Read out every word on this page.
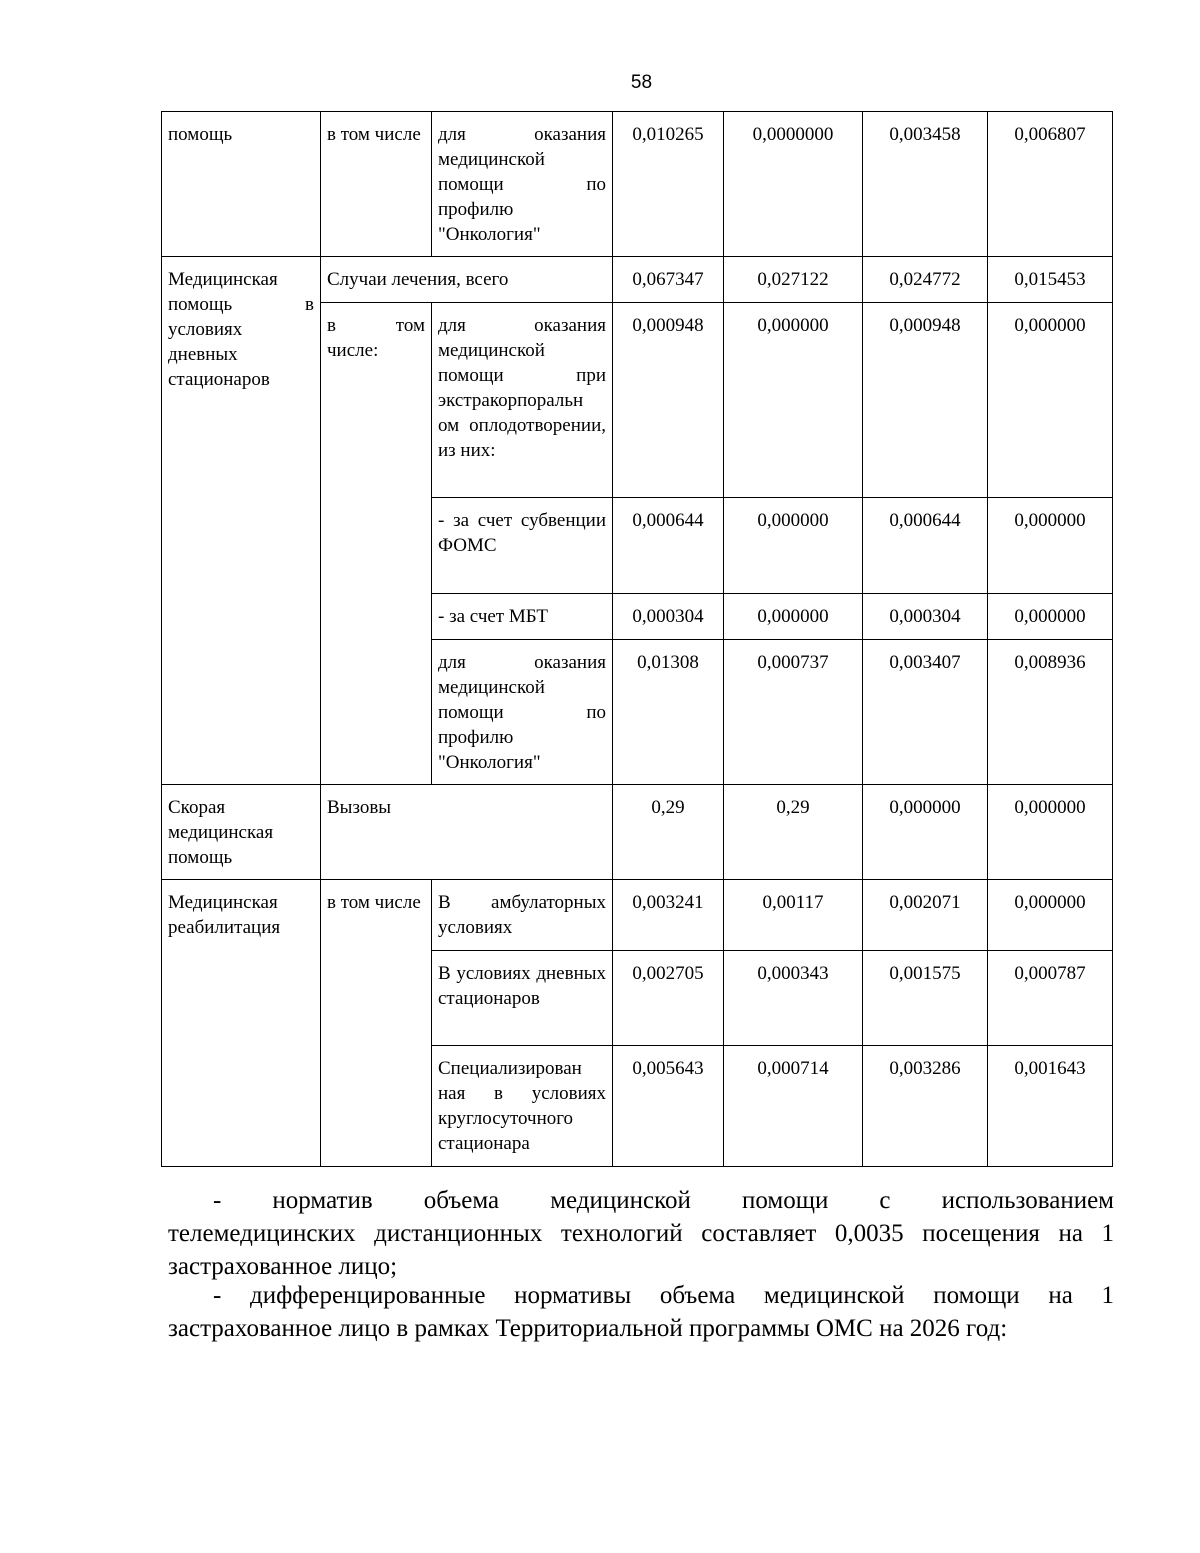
58
помощь	в том числе	для оказания медицинской помощи по профилю "Онкология"	0,010265	0,0000000	0,003458	0,006807
Медицинская помощь в условиях дневных стационаров	Случаи лечения, всего		0,067347	0,027122	0,024772	0,015453
	в том числе:	для оказания медицинской помощи при экстракорпоральн ом оплодотворении, из них:	0,000948	0,000000	0,000948	0,000000
		- за счет субвенции ФОМС	0,000644	0,000000	0,000644	0,000000
		- за счет МБТ	0,000304	0,000000	0,000304	0,000000
		для оказания медицинской помощи по профилю "Онкология"	0,01308	0,000737	0,003407	0,008936
Скорая медицинская помощь	Вызовы		0,29	0,29	0,000000	0,000000
Медицинская реабилитация	в том числе	В амбулаторных условиях	0,003241	0,00117	0,002071	0,000000
		В условиях дневных стационаров	0,002705	0,000343	0,001575	0,000787
		Специализирован ная в условиях круглосуточного стационара	0,005643	0,000714	0,003286	0,001643
- норматив объема медицинской помощи с использованием
телемедицинских дистанционных технологий составляет 0,0035 посещения на 1 застрахованное лицо;
- дифференцированные нормативы объема медицинской помощи на 1 застрахованное лицо в рамках Территориальной программы ОМС на 2026 год:
